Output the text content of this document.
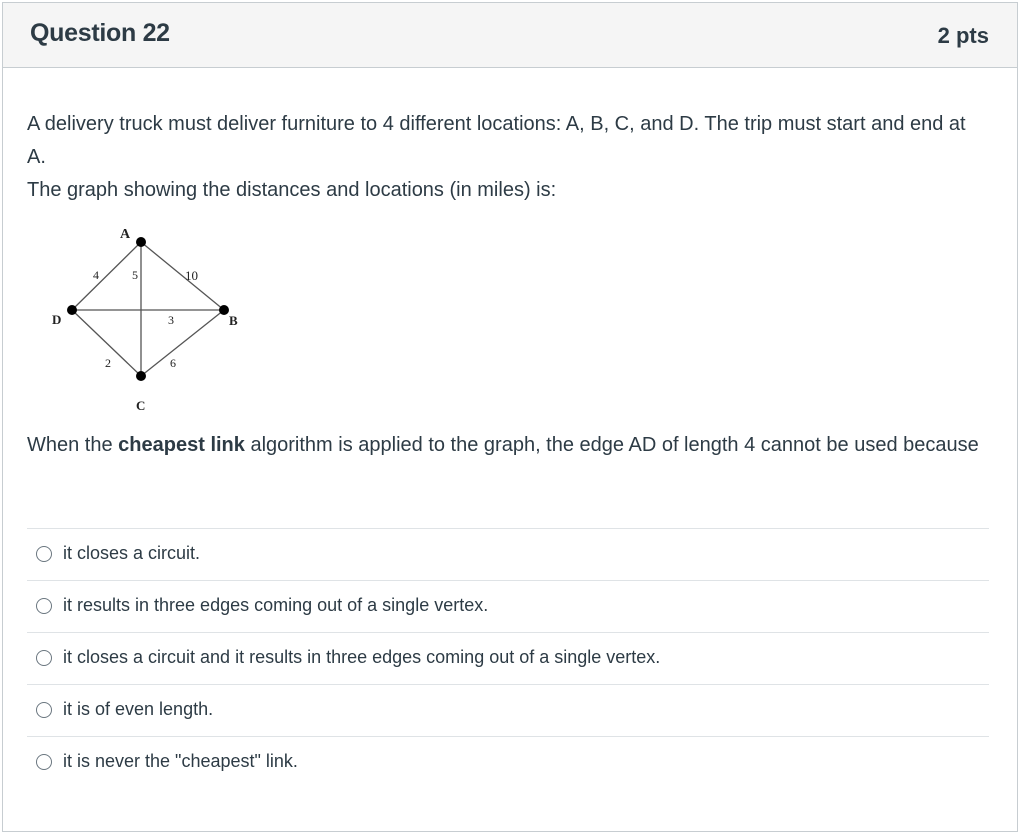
Question 22	2 pts

A delivery truck must deliver furniture to 4 different locations: A, B, C, and D. The trip must start and end at A.

The graph showing the distances and locations (in miles) is:

A
B
C
D
4	5	10
3
2	6
When the cheapest link algorithm is applied to the graph, the edge AD of length 4 cannot be used because
it closes a circuit.
it results in three edges coming out of a single vertex.
it closes a circuit and it results in three edges coming out of a single vertex.
it is of even length.
it is never the "cheapest" link.
